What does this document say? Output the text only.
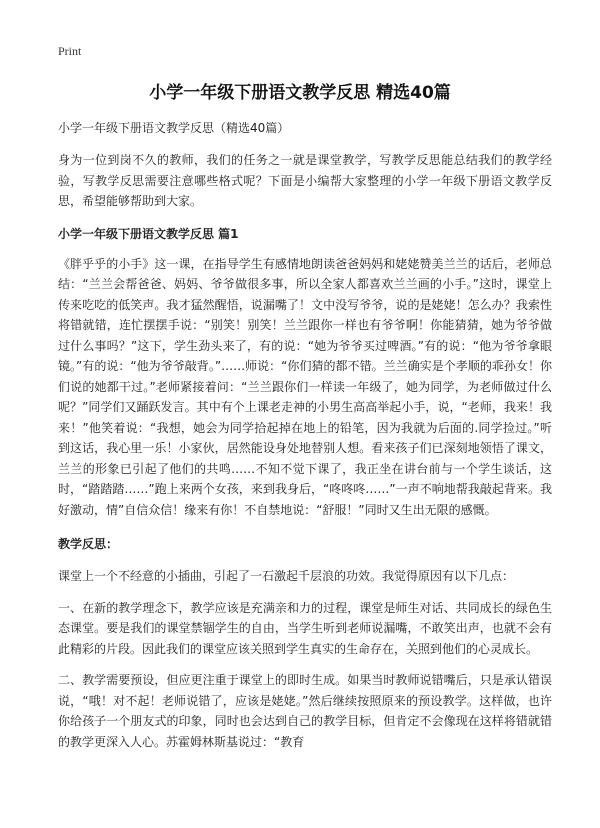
Print
小学一年级下册语文教学反思 精选40篇
小学一年级下册语文教学反思（精选40篇）

身为一位到岗不久的教师，我们的任务之一就是课堂教学，写教学反思能总结我们的教学经验，写教学反思需要注意哪些格式呢？下面是小编帮大家整理的小学一年级下册语文教学反思，希望能够帮助到大家。

小学一年级下册语文教学反思 篇1

《胖乎乎的小手》这一课，在指导学生有感情地朗读爸爸妈妈和姥姥赞美兰兰的话后，老师总结：“兰兰会帮爸爸、妈妈、爷爷做很多事，所以全家人都喜欢兰兰画的小手。”这时，课堂上传来吃吃的低笑声。我才猛然醒悟，说漏嘴了！文中没写爷爷，说的是姥姥！怎么办？我索性将错就错，连忙摆摆手说：“别笑！别笑！兰兰跟你一样也有爷爷啊！你能猜猜，她为爷爷做过什么事吗？”这下，学生劲头来了，有的说：“她为爷爷买过啤酒。”有的说：“他为爷爷拿眼镜。”有的说：“他为爷爷敲背。”……师说：“你们猜的都不错。兰兰确实是个孝顺的乖孙女！你们说的她都干过。”老师紧接着问：“兰兰跟你们一样读一年级了，她为同学，为老师做过什么呢？”同学们又踊跃发言。其中有个上课老走神的小男生高高举起小手，说，“老师，我来！我来！”他笑着说：“我想，她会为同学拾起掉在地上的铅笔，因为我就为后面的.同学捡过。”听到这话，我心里一乐！小家伙，居然能设身处地替别人想。看来孩子们已深刻地领悟了课文，兰兰的形象已引起了他们的共鸣……不知不觉下课了，我正坐在讲台前与一个学生谈话，这时，“踏踏踏……”跑上来两个女孩，来到我身后，“咚咚咚……”一声不响地帮我敲起背来。我好激动，情”自信众信！缘来有你！不自禁地说：“舒服！”同时又生出无限的感慨。

教学反思：

课堂上一个不经意的小插曲，引起了一石激起千层浪的功效。我觉得原因有以下几点：

一、在新的教学理念下，教学应该是充满亲和力的过程，课堂是师生对话、共同成长的绿色生态课堂。要是我们的课堂禁锢学生的自由，当学生听到老师说漏嘴，不敢笑出声，也就不会有此精彩的片段。因此我们的课堂应该关照到学生真实的生命存在，关照到他们的心灵成长。

二、教学需要预设，但应更注重于课堂上的即时生成。如果当时教师说错嘴后，只是承认错误说，“哦！对不起！老师说错了，应该是姥姥。”然后继续按照原来的预设教学。这样做，也许你给孩子一个朋友式的印象，同时也会达到自己的教学目标，但肯定不会像现在这样将错就错的教学更深入人心。苏霍姆林斯基说过：“教育
